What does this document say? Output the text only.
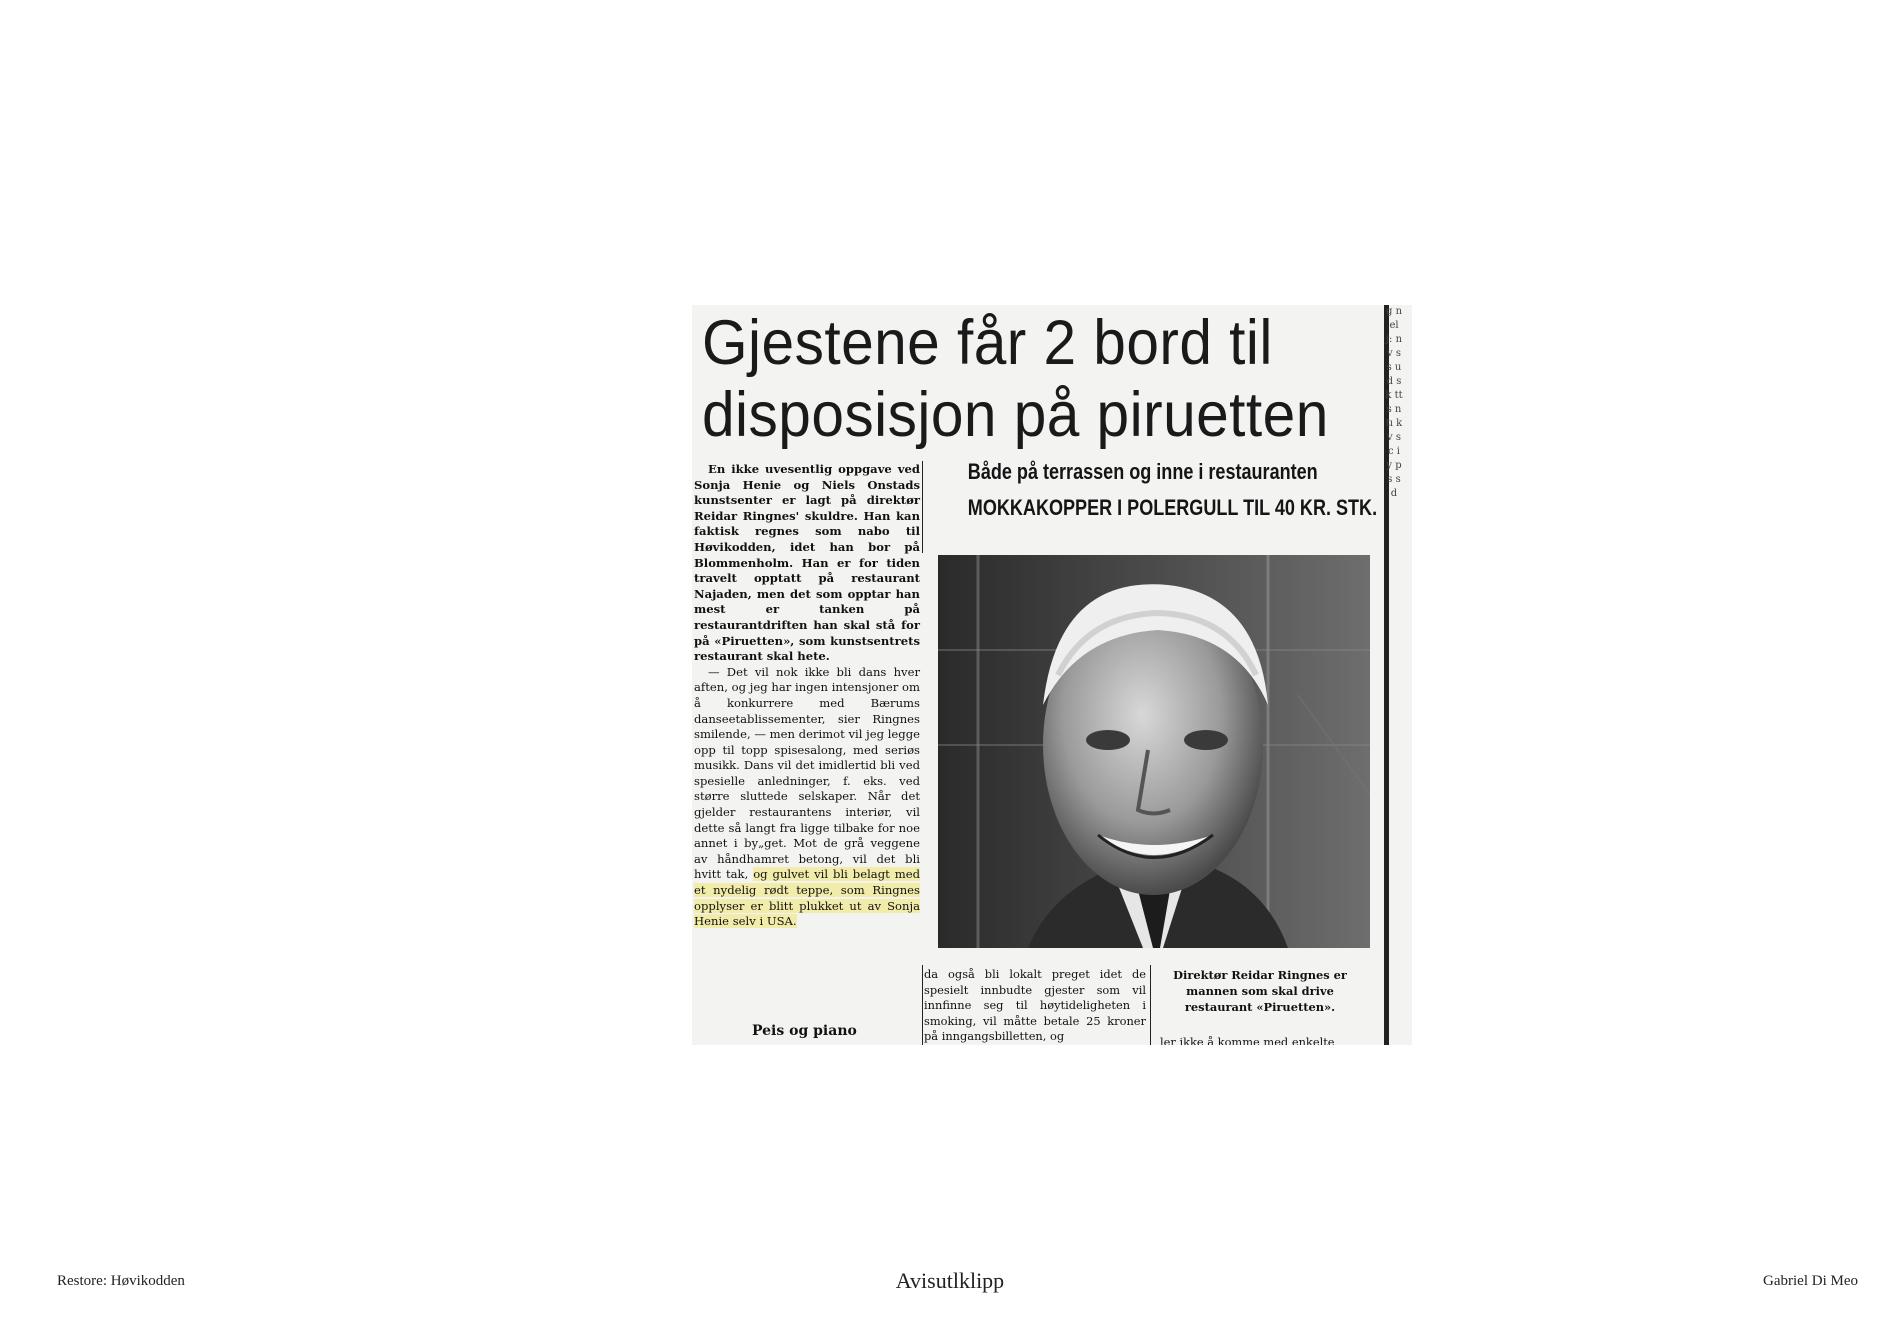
Gjestene får 2 bord til
disposisjon på piruetten
Både på terrassen og inne i restauranten
MOKKAKOPPER I POLERGULL TIL 40 KR. STK.

En ikke uvesentlig oppgave ved Sonja Henie og Niels Onstads kunstsenter er lagt på direktør Reidar Ringnes' skuldre. Han kan faktisk regnes som nabo til Høvikodden, idet han bor på Blommenholm. Han er for tiden travelt opptatt på restaurant Najaden, men det som opptar han mest er tanken på restaurantdriften han skal stå for på «Piruetten», som kunstsentrets restaurant skal hete.

— Det vil nok ikke bli dans hver aften, og jeg har ingen intensjoner om å konkurrere med Bærums danseetablissementer, sier Ringnes smilende, — men derimot vil jeg legge opp til topp spisesalong, med seriøs musikk. Dans vil det imidlertid bli ved spesielle anledninger, f. eks. ved større sluttede selskaper. Når det gjelder restaurantens interiør, vil dette så langt fra ligge tilbake for noe annet i by„get. Mot de grå veggene av håndhamret betong, vil det bli hvitt tak, og gulvet vil bli belagt med et nydelig rødt teppe, som Ringnes opplyser er blitt plukket ut av Sonja Henie selv i USA.

Peis og piano
da også bli lokalt preget idet de spesielt innbudte gjester som vil innfinne seg til høytideligheten i smoking, vil måtte betale 25 kroner på inngangsbilletten, og
Direktør Reidar Ringnes er mannen som skal drive restaurant «Piruetten».
ler ikke å komme med enkelte
g n el j: n v s s u d s k tt s n tı k v s c i y p s s d
Restore: Høvikodden	Avisutlklipp	Gabriel Di Meo
